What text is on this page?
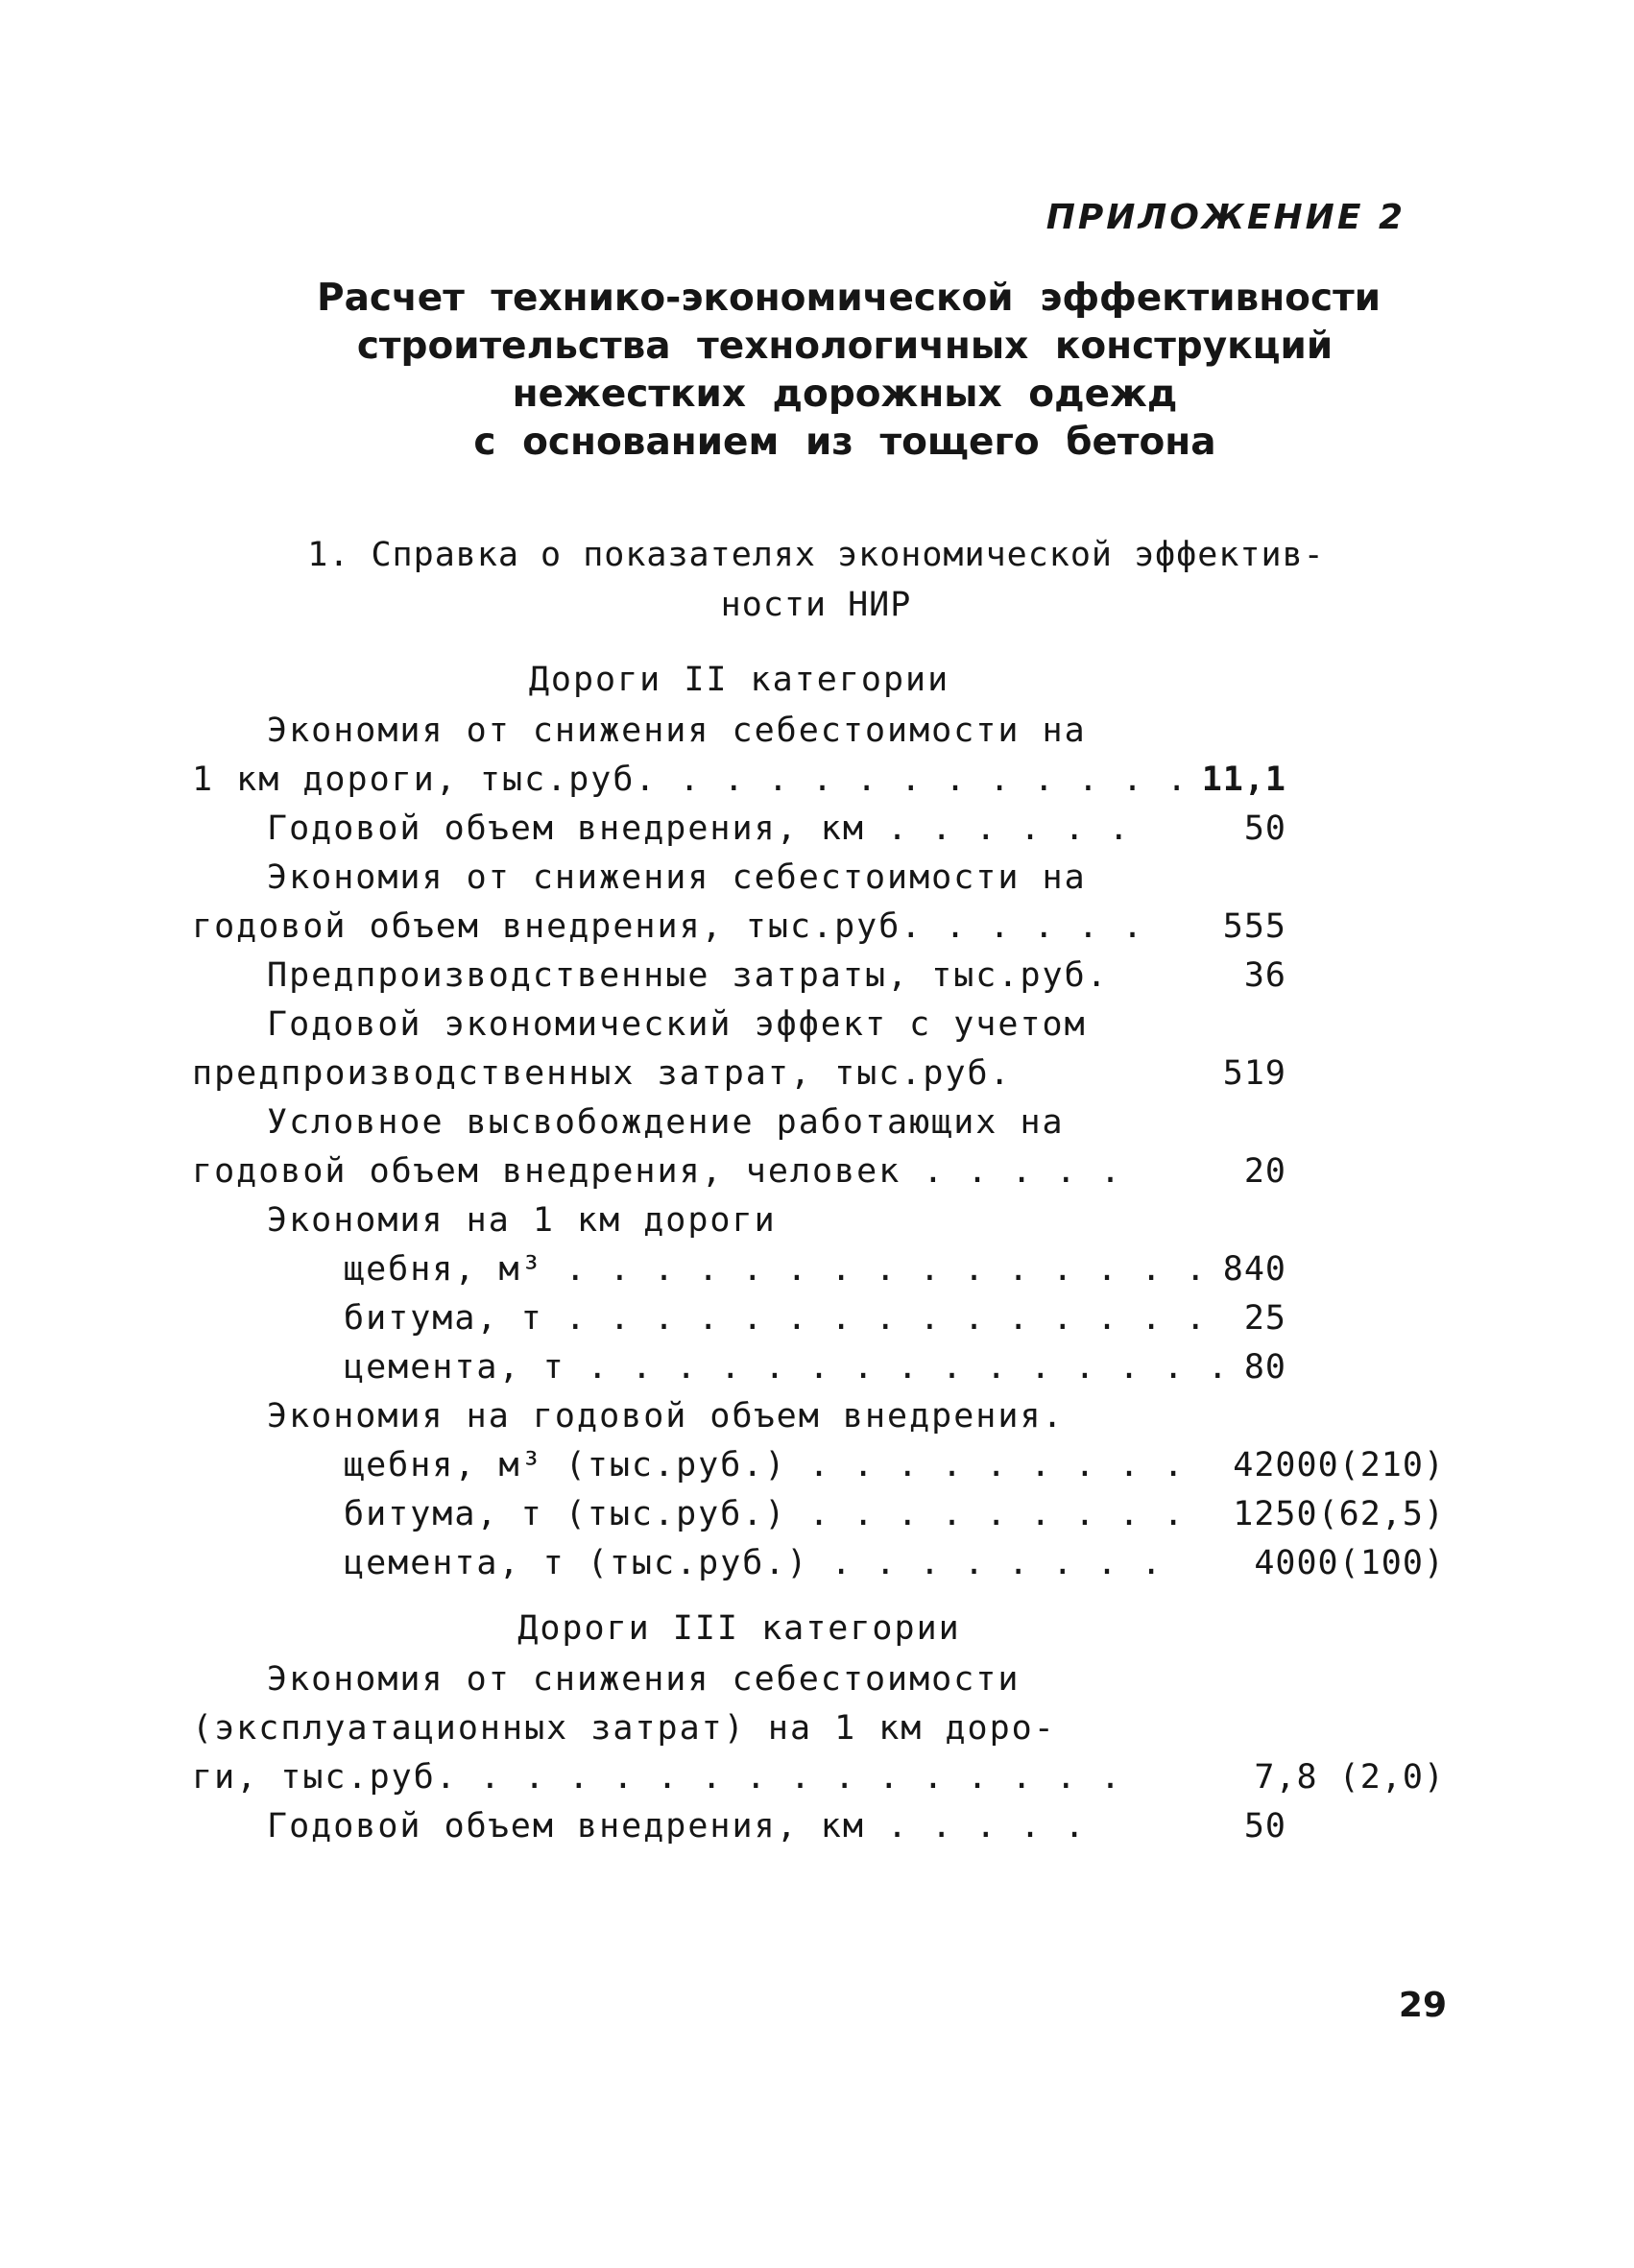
ПРИЛОЖЕНИЕ 2
Расчет технико-экономической эффективности
строительства технологичных конструкций
нежестких дорожных одежд
с основанием из тощего бетона
1. Справка о показателях экономической эффектив-
ности НИР
Дороги II категории
Экономия от снижения себестоимости на
1 км дороги, тыс.руб. . . . . . . . . . . . . 11,1
Годовой объем внедрения, км . . . . . .	50
Экономия от снижения себестоимости на
годовой объем внедрения, тыс.руб. . . . . . 555
Предпроизводственные затраты, тыс.руб.	36
Годовой экономический эффект с учетом
предпроизводственных затрат, тыс.руб.	519
Условное высвобождение работающих на
годовой объем внедрения, человек . . . . .	20
Экономия на 1 км дороги
щебня, м³ . . . . . . . . . . . . . . . 840
битума, т . . . . . . . . . . . . . . . 25
цемента, т . . . . . . . . . . . . . . . 80
Экономия на годовой объем внедрения.
щебня, м³ (тыс.руб.) . . . . . . . . . 42000(210)
битума, т (тыс.руб.) . . . . . . . . . 1250(62,5)
цемента, т (тыс.руб.) . . . . . . . .	4000(100)
Дороги III категории
Экономия от снижения себестоимости
(эксплуатационных затрат) на 1 км доро-
ги, тыс.руб. . . . . . . . . . . . . . . .	7,8 (2,0)
Годовой объем внедрения, км . . . . .	50
29
